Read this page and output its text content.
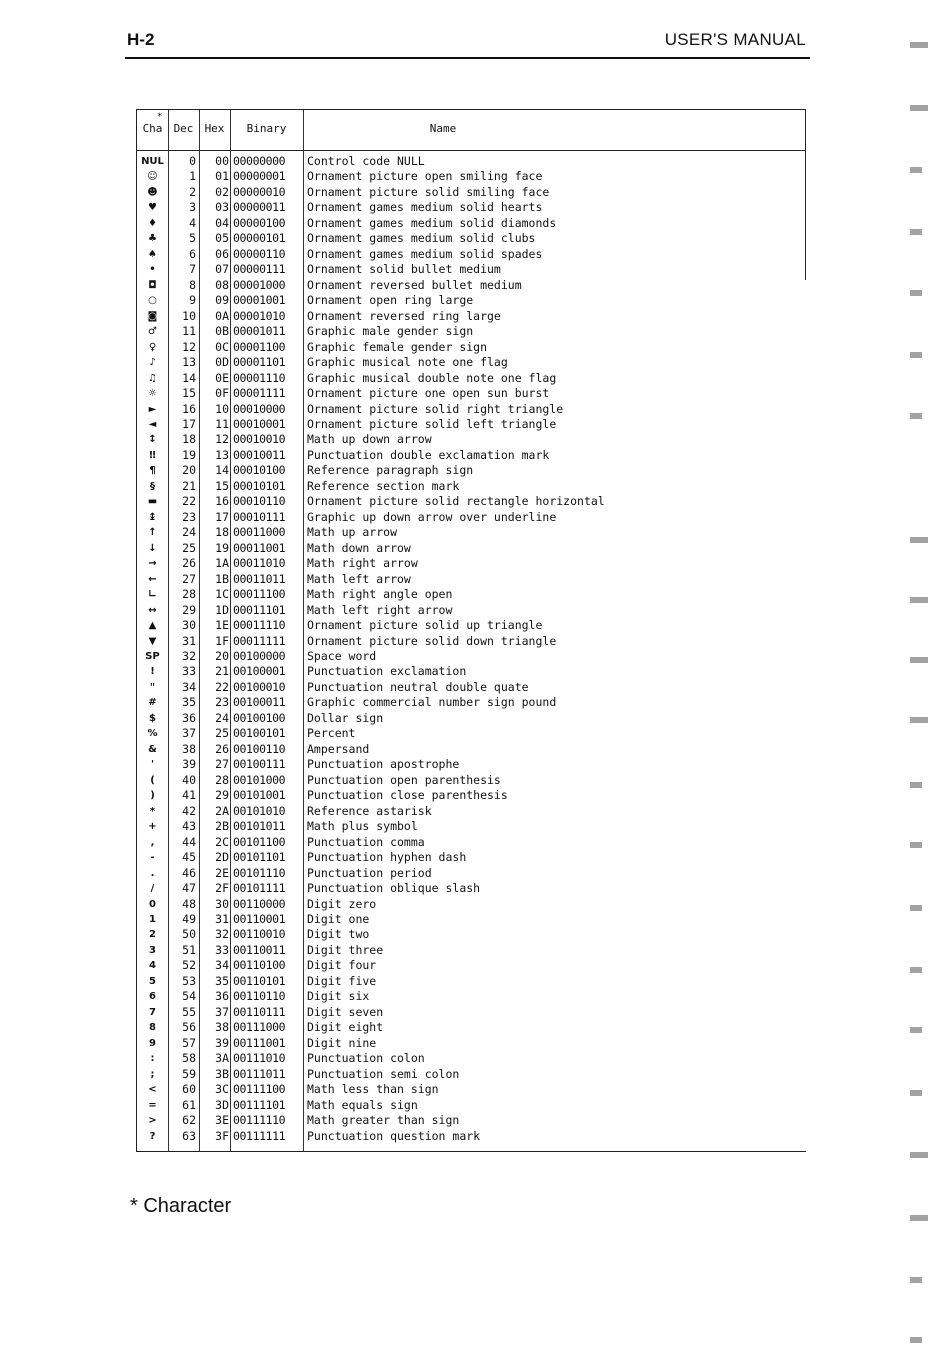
H-2	USER'S MANUAL
*
Cha	Dec	Hex	Binary	Name
NUL	0	00 00000000	Control code NULL
☺	1	01 00000001	Ornament picture open smiling face
☻	2	02 00000010	Ornament picture solid smiling face
♥	3	03 00000011	Ornament games medium solid hearts
♦	4	04 00000100	Ornament games medium solid diamonds
♣	5	05 00000101	Ornament games medium solid clubs
♠	6	06 00000110	Ornament games medium solid spades
•	7	07 00000111	Ornament solid bullet medium
◘	8	08 00001000	Ornament reversed bullet medium
○	9	09 00001001	Ornament open ring large
◙	10	0A 00001010	Ornament reversed ring large
♂	11	0B 00001011	Graphic male gender sign
♀	12	0C 00001100	Graphic female gender sign
♪	13	0D 00001101	Graphic musical note one flag
♫	14	0E 00001110	Graphic musical double note one flag
☼	15	0F 00001111	Ornament picture one open sun burst
►	16	10 00010000	Ornament picture solid right triangle
◄	17	11 00010001	Ornament picture solid left triangle
↕	18	12 00010010	Math up down arrow
‼	19	13 00010011	Punctuation double exclamation mark
¶	20	14 00010100	Reference paragraph sign
§	21	15 00010101	Reference section mark
▬	22	16 00010110	Ornament picture solid rectangle horizontal
↨	23	17 00010111	Graphic up down arrow over underline
↑	24	18 00011000	Math up arrow
↓	25	19 00011001	Math down arrow
→	26	1A 00011010	Math right arrow
←	27	1B 00011011	Math left arrow
∟	28	1C 00011100	Math right angle open
↔	29	1D 00011101	Math left right arrow
▲	30	1E 00011110	Ornament picture solid up triangle
▼	31	1F 00011111	Ornament picture solid down triangle
SP	32	20 00100000	Space word
!	33	21 00100001	Punctuation exclamation
"	34	22 00100010	Punctuation neutral double quate
#	35	23 00100011	Graphic commercial number sign pound
$	36	24 00100100	Dollar sign
%	37	25 00100101	Percent
&	38	26 00100110	Ampersand
'	39	27 00100111	Punctuation apostrophe
(	40	28 00101000	Punctuation open parenthesis
)	41	29 00101001	Punctuation close parenthesis
*	42	2A 00101010	Reference astarisk
+	43	2B 00101011	Math plus symbol
,	44	2C 00101100	Punctuation comma
-	45	2D 00101101	Punctuation hyphen dash
.	46	2E 00101110	Punctuation period
/	47	2F 00101111	Punctuation oblique slash
0	48	30 00110000	Digit zero
1	49	31 00110001	Digit one
2	50	32 00110010	Digit two
3	51	33 00110011	Digit three
4	52	34 00110100	Digit four
5	53	35 00110101	Digit five
6	54	36 00110110	Digit six
7	55	37 00110111	Digit seven
8	56	38 00111000	Digit eight
9	57	39 00111001	Digit nine
:	58	3A 00111010	Punctuation colon
;	59	3B 00111011	Punctuation semi colon
<	60	3C 00111100	Math less than sign
=	61	3D 00111101	Math equals sign
>	62	3E 00111110	Math greater than sign
?	63	3F 00111111	Punctuation question mark
* Character
